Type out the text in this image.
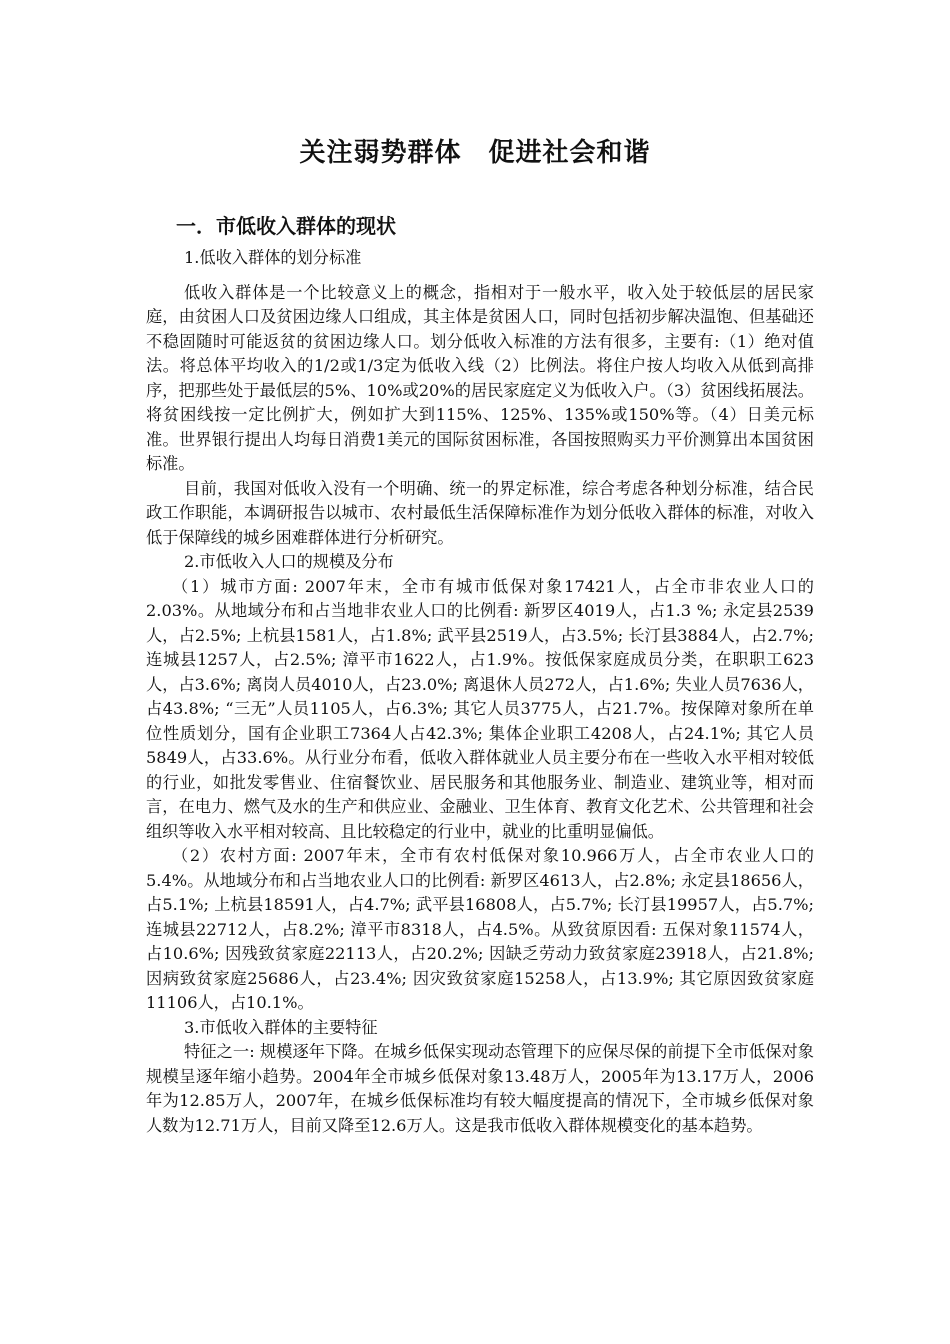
关注弱势群体　促进社会和谐
一．市低收入群体的现状

1.低收入群体的划分标准

低收入群体是一个比较意义上的概念，指相对于一般水平，收入处于较低层的居民家庭，由贫困人口及贫困边缘人口组成，其主体是贫困人口，同时包括初步解决温饱、但基础还不稳固随时可能返贫的贫困边缘人口。划分低收入标准的方法有很多，主要有:（1）绝对值法。将总体平均收入的1/2或1/3定为低收入线（2）比例法。将住户按人均收入从低到高排序，把那些处于最低层的5%、10%或20%的居民家庭定义为低收入户。（3）贫困线拓展法。将贫困线按一定比例扩大，例如扩大到115%、125%、135%或150%等。（4）日美元标准。世界银行提出人均每日消费1美元的国际贫困标准，各国按照购买力平价测算出本国贫困标准。

目前，我国对低收入没有一个明确、统一的界定标准，综合考虑各种划分标准，结合民政工作职能，本调研报告以城市、农村最低生活保障标准作为划分低收入群体的标准，对收入低于保障线的城乡困难群体进行分析研究。

2.市低收入人口的规模及分布

（1）城市方面: 2007年末，全市有城市低保对象17421人，占全市非农业人口的2.03%。从地域分布和占当地非农业人口的比例看: 新罗区4019人，占1.3 %; 永定县2539人，占2.5%; 上杭县1581人，占1.8%; 武平县2519人，占3.5%; 长汀县3884人，占2.7%; 连城县1257人，占2.5%; 漳平市1622人，占1.9%。按低保家庭成员分类，在职职工623人，占3.6%; 离岗人员4010人，占23.0%; 离退休人员272人，占1.6%; 失业人员7636人，占43.8%; “三无”人员1105人，占6.3%; 其它人员3775人，占21.7%。按保障对象所在单位性质划分，国有企业职工7364人占42.3%; 集体企业职工4208人，占24.1%; 其它人员5849人，占33.6%。从行业分布看，低收入群体就业人员主要分布在一些收入水平相对较低的行业，如批发零售业、住宿餐饮业、居民服务和其他服务业、制造业、建筑业等，相对而言，在电力、燃气及水的生产和供应业、金融业、卫生体育、教育文化艺术、公共管理和社会组织等收入水平相对较高、且比较稳定的行业中，就业的比重明显偏低。

（2）农村方面: 2007年末，全市有农村低保对象10.966万人，占全市农业人口的5.4%。从地域分布和占当地农业人口的比例看: 新罗区4613人，占2.8%; 永定县18656人，占5.1%; 上杭县18591人，占4.7%; 武平县16808人，占5.7%; 长汀县19957人，占5.7%; 连城县22712人，占8.2%; 漳平市8318人，占4.5%。从致贫原因看: 五保对象11574人，占10.6%; 因残致贫家庭22113人，占20.2%; 因缺乏劳动力致贫家庭23918人，占21.8%; 因病致贫家庭25686人，占23.4%; 因灾致贫家庭15258人，占13.9%; 其它原因致贫家庭11106人，占10.1%。

3.市低收入群体的主要特征

特征之一: 规模逐年下降。在城乡低保实现动态管理下的应保尽保的前提下全市低保对象规模呈逐年缩小趋势。2004年全市城乡低保对象13.48万人，2005年为13.17万人，2006年为12.85万人，2007年，在城乡低保标准均有较大幅度提高的情况下，全市城乡低保对象人数为12.71万人，目前又降至12.6万人。这是我市低收入群体规模变化的基本趋势。
